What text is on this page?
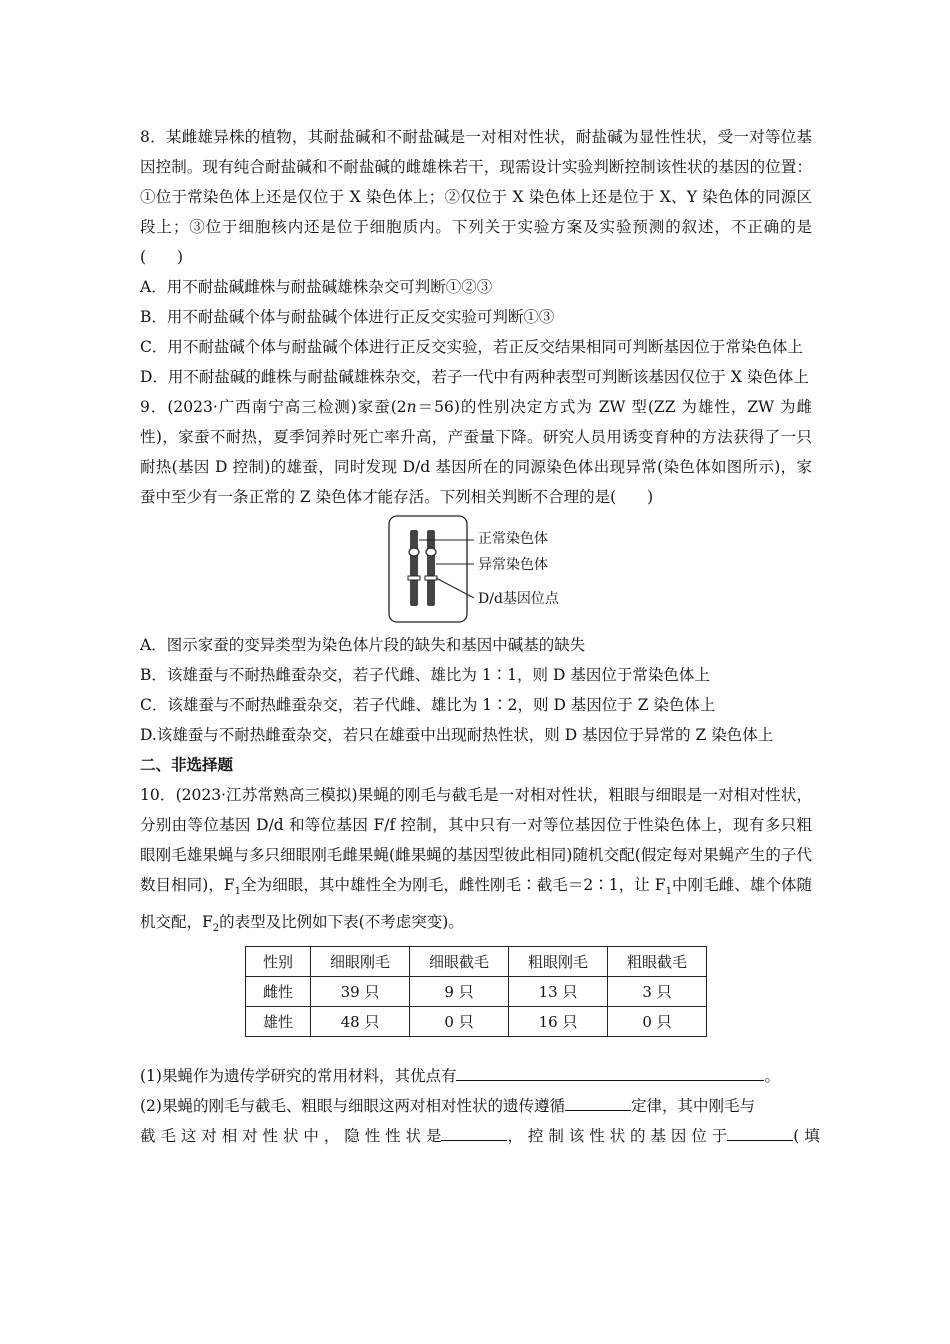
8．某雌雄异株的植物，其耐盐碱和不耐盐碱是一对相对性状，耐盐碱为显性性状，受一对等位基因控制。现有纯合耐盐碱和不耐盐碱的雌雄株若干，现需设计实验判断控制该性状的基因的位置：①位于常染色体上还是仅位于 X 染色体上；②仅位于 X 染色体上还是位于 X、Y 染色体的同源区段上；③位于细胞核内还是位于细胞质内。下列关于实验方案及实验预测的叙述，不正确的是(　　)

A．用不耐盐碱雌株与耐盐碱雄株杂交可判断①②③

B．用不耐盐碱个体与耐盐碱个体进行正反交实验可判断①③

C．用不耐盐碱个体与耐盐碱个体进行正反交实验，若正反交结果相同可判断基因位于常染色体上

D．用不耐盐碱的雌株与耐盐碱雄株杂交，若子一代中有两种表型可判断该基因仅位于 X 染色体上

9．(2023·广西南宁高三检测)家蚕(2n＝56)的性别决定方式为 ZW 型(ZZ 为雄性，ZW 为雌性)，家蚕不耐热，夏季饲养时死亡率升高，产蚕量下降。研究人员用诱变育种的方法获得了一只耐热(基因 D 控制)的雄蚕，同时发现 D/d 基因所在的同源染色体出现异常(染色体如图所示)，家蚕中至少有一条正常的 Z 染色体才能存活。下列相关判断不合理的是(　　)

正常染色体
异常染色体
D/d基因位点

A．图示家蚕的变异类型为染色体片段的缺失和基因中碱基的缺失

B．该雄蚕与不耐热雌蚕杂交，若子代雌、雄比为 1∶1，则 D 基因位于常染色体上

C．该雄蚕与不耐热雌蚕杂交，若子代雌、雄比为 1∶2，则 D 基因位于 Z 染色体上

D.该雄蚕与不耐热雌蚕杂交，若只在雄蚕中出现耐热性状，则 D 基因位于异常的 Z 染色体上

二、非选择题

10．(2023·江苏常熟高三模拟)果蝇的刚毛与截毛是一对相对性状，粗眼与细眼是一对相对性状，分别由等位基因 D/d 和等位基因 F/f 控制，其中只有一对等位基因位于性染色体上，现有多只粗眼刚毛雄果蝇与多只细眼刚毛雌果蝇(雌果蝇的基因型彼此相同)随机交配(假定每对果蝇产生的子代数目相同)，$F_1$全为细眼，其中雄性全为刚毛，雌性刚毛∶截毛＝2∶1，让 $F_1$中刚毛雌、雄个体随机交配，$F_2$的表型及比例如下表(不考虑突变)。

性别	细眼刚毛	细眼截毛	粗眼刚毛	粗眼截毛
雌性	39 只	9 只	13 只	3 只
雄性	48 只	0 只	16 只	0 只

(1)果蝇作为遗传学研究的常用材料，其优点有	。

(2)果蝇的刚毛与截毛、粗眼与细眼这两对相对性状的遗传遵循	定律，其中刚毛与

截 毛 这 对 相 对 性 状 中 ， 隐 性 性 状 是	， 控 制 该 性 状 的 基 因 位 于	( 填
